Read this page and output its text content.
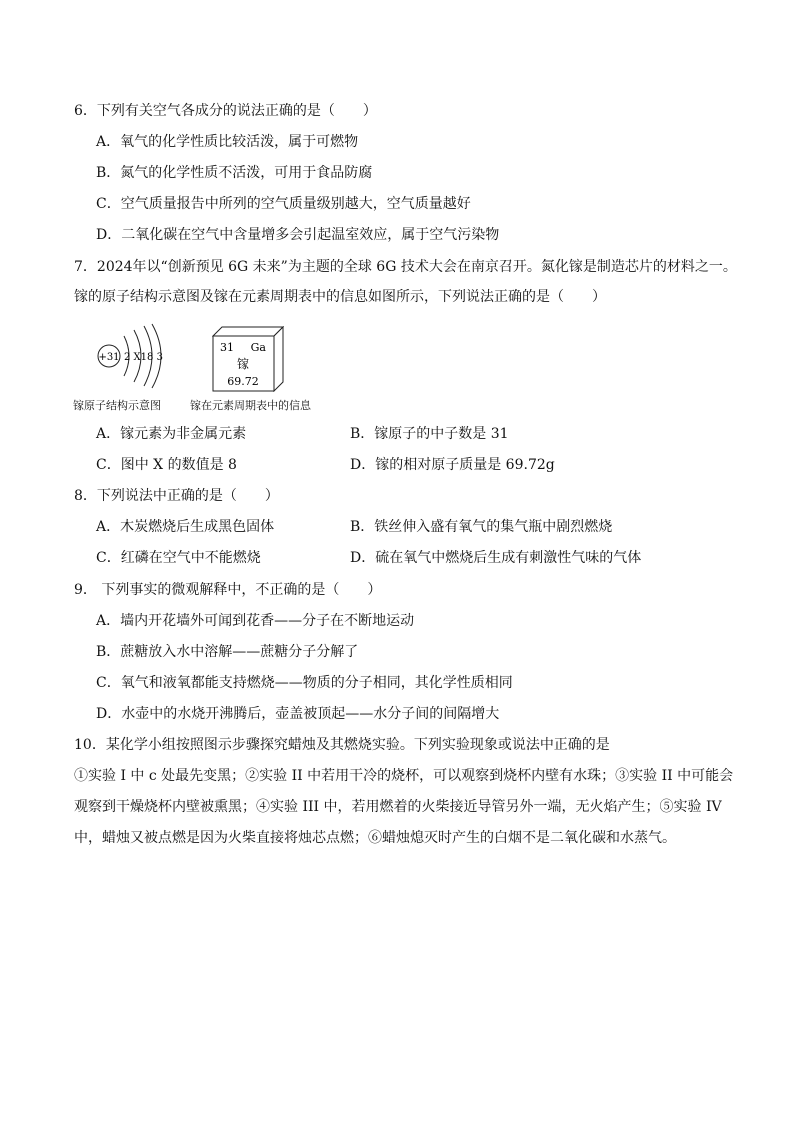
6．下列有关空气各成分的说法正确的是（　　）
A．氧气的化学性质比较活泼，属于可燃物
B．氮气的化学性质不活泼，可用于食品防腐
C．空气质量报告中所列的空气质量级别越大，空气质量越好
D．二氧化碳在空气中含量增多会引起温室效应，属于空气污染物
7．2024年以“创新预见 6G 未来”为主题的全球 6G 技术大会在南京召开。氮化镓是制造芯片的材料之一。
镓的原子结构示意图及镓在元素周期表中的信息如图所示，下列说法正确的是（　　）
+31 2 X18 3
31 Ga
镓
69.72
镓原子结构示意图	镓在元素周期表中的信息
A．镓元素为非金属元素	B．镓原子的中子数是 31
C．图中 X 的数值是 8	D．镓的相对原子质量是 69.72g
8．下列说法中正确的是（　　）
A．木炭燃烧后生成黑色固体	B．铁丝伸入盛有氧气的集气瓶中剧烈燃烧
C．红磷在空气中不能燃烧	D．硫在氧气中燃烧后生成有刺激性气味的气体
9． 下列事实的微观解释中，不正确的是（　　）
A．墙内开花墙外可闻到花香——分子在不断地运动
B．蔗糖放入水中溶解——蔗糖分子分解了
C．氧气和液氧都能支持燃烧——物质的分子相同，其化学性质相同
D．水壶中的水烧开沸腾后，壶盖被顶起——水分子间的间隔增大
10．某化学小组按照图示步骤探究蜡烛及其燃烧实验。下列实验现象或说法中正确的是
①实验 I 中 c 处最先变黑；②实验 II 中若用干冷的烧杯，可以观察到烧杯内壁有水珠；③实验 II 中可能会
观察到干燥烧杯内壁被熏黑；④实验 III 中，若用燃着的火柴接近导管另外一端，无火焰产生；⑤实验 IV
中，蜡烛又被点燃是因为火柴直接将烛芯点燃；⑥蜡烛熄灭时产生的白烟不是二氧化碳和水蒸气。
